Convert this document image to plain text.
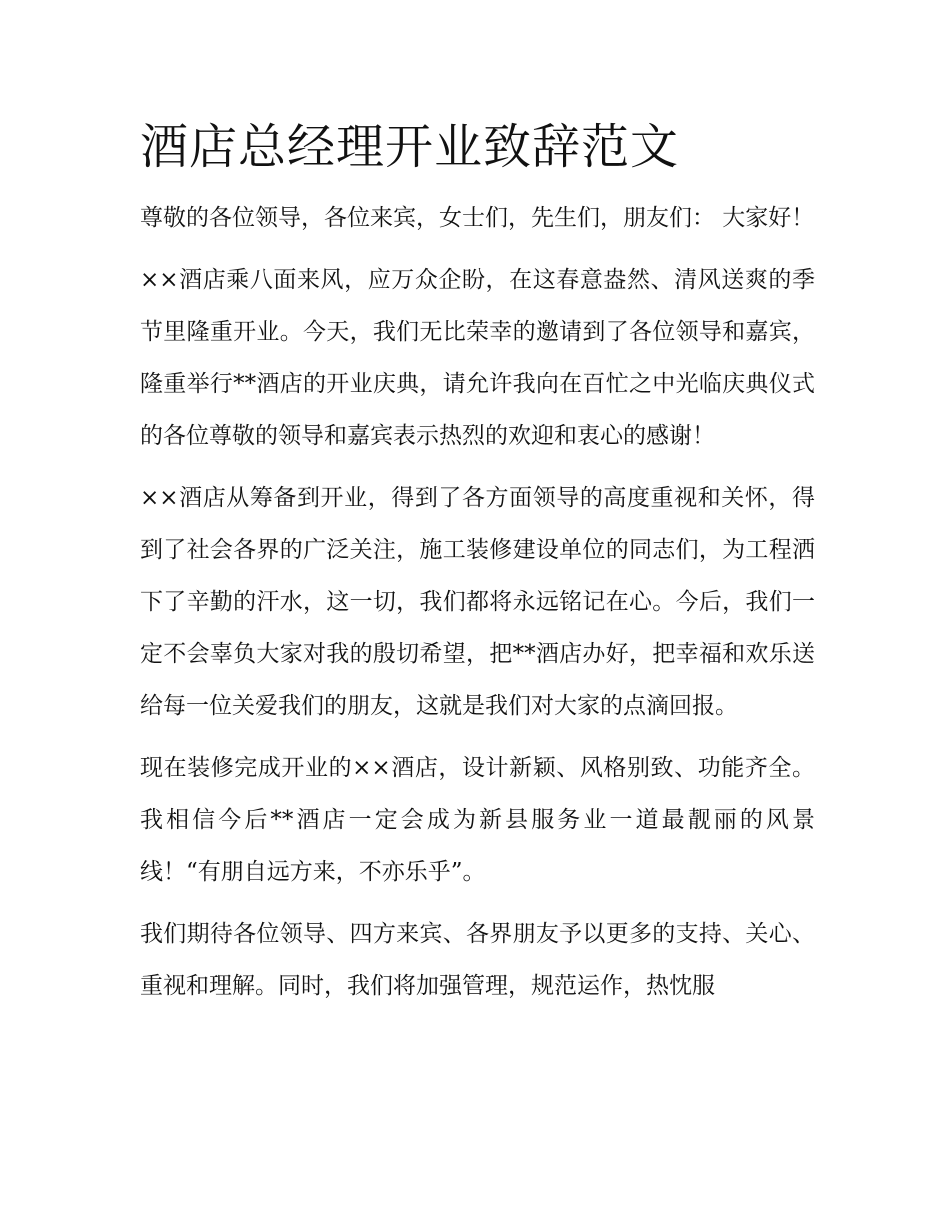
酒店总经理开业致辞范文

尊敬的各位领导，各位来宾，女士们，先生们，朋友们： 大家好！

××酒店乘八面来风，应万众企盼，在这春意盎然、清风送爽的季节里隆重开业。今天，我们无比荣幸的邀请到了各位领导和嘉宾，隆重举行**酒店的开业庆典，请允许我向在百忙之中光临庆典仪式的各位尊敬的领导和嘉宾表示热烈的欢迎和衷心的感谢！

××酒店从筹备到开业，得到了各方面领导的高度重视和关怀，得到了社会各界的广泛关注，施工装修建设单位的同志们，为工程洒下了辛勤的汗水，这一切，我们都将永远铭记在心。今后，我们一定不会辜负大家对我的殷切希望，把**酒店办好，把幸福和欢乐送给每一位关爱我们的朋友，这就是我们对大家的点滴回报。

现在装修完成开业的××酒店，设计新颖、风格别致、功能齐全。我相信今后**酒店一定会成为新县服务业一道最靓丽的风景线！“有朋自远方来，不亦乐乎”。

我们期待各位领导、四方来宾、各界朋友予以更多的支持、关心、重视和理解。同时，我们将加强管理，规范运作，热忱服
